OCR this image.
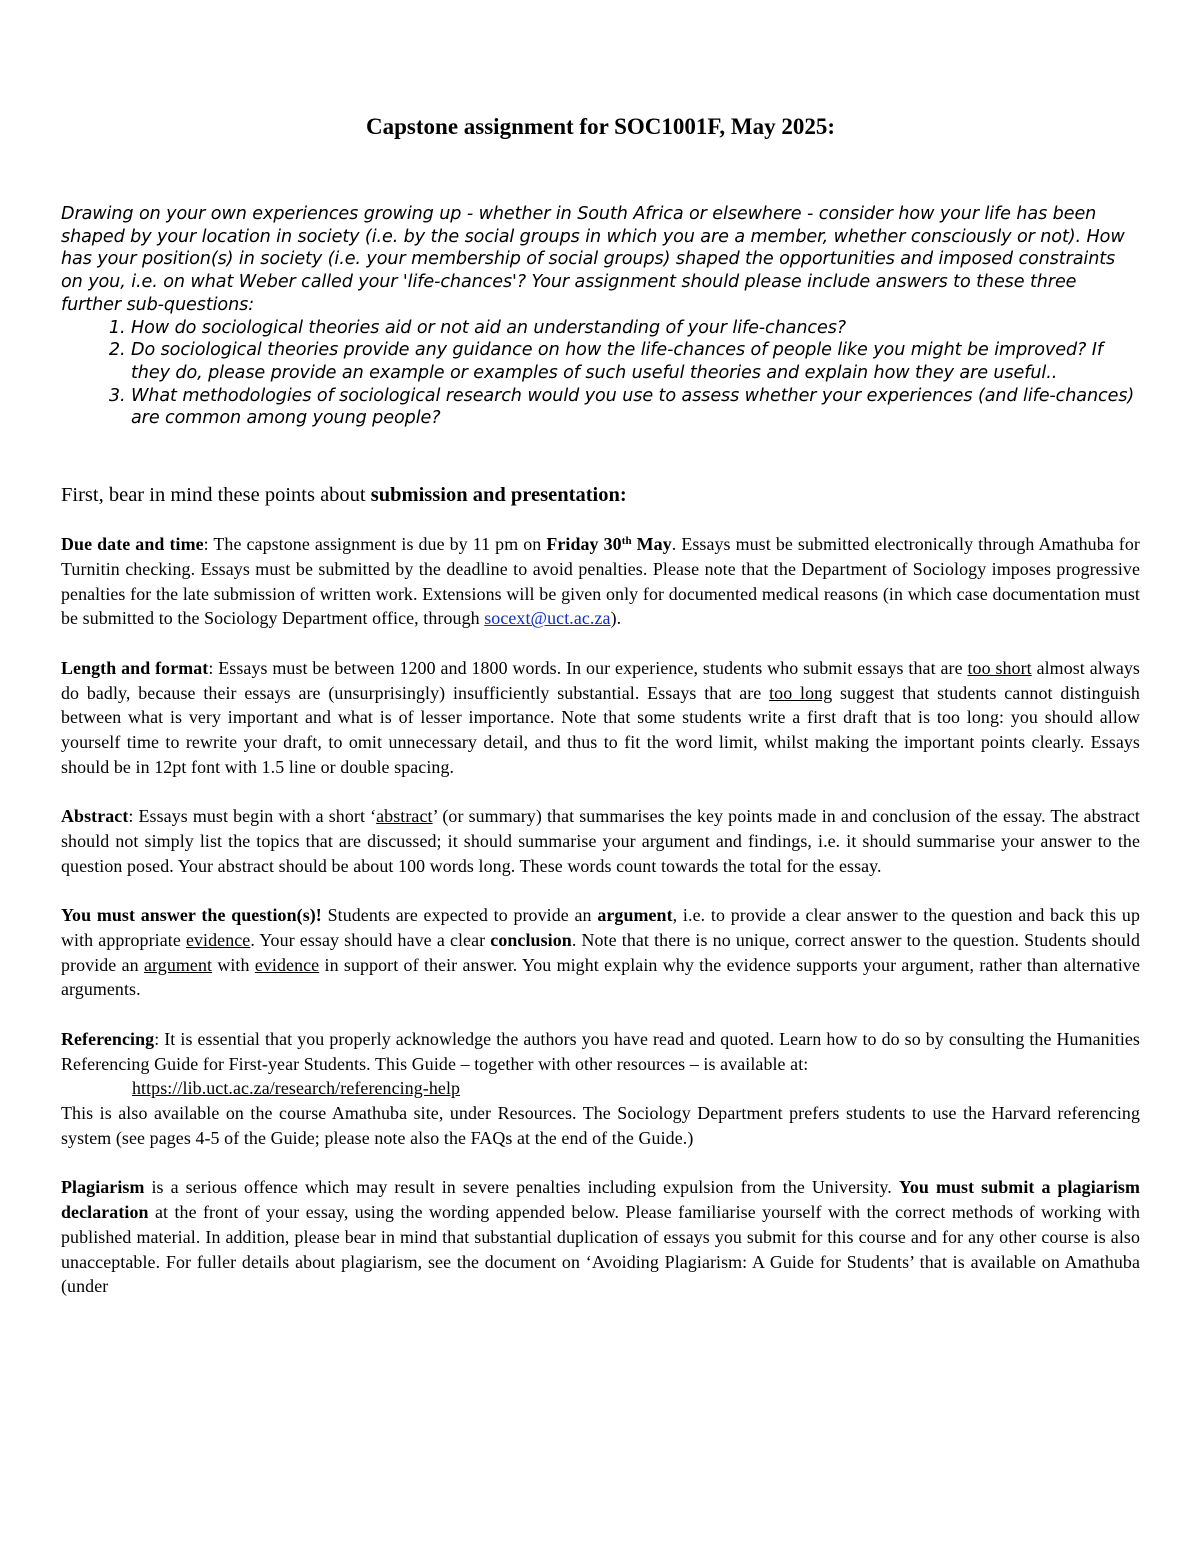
Capstone assignment for SOC1001F, May 2025:

Drawing on your own experiences growing up - whether in South Africa or elsewhere - consider how your life has been shaped by your location in society (i.e. by the social groups in which you are a member, whether consciously or not). How has your position(s) in society (i.e. your membership of social groups) shaped the opportunities and imposed constraints on you, i.e. on what Weber called your 'life-chances'? Your assignment should please include answers to these three further sub-questions:

1. How do sociological theories aid or not aid an understanding of your life-chances?
2. Do sociological theories provide any guidance on how the life-chances of people like you might be improved? If they do, please provide an example or examples of such useful theories and explain how they are useful..
3. What methodologies of sociological research would you use to assess whether your experiences (and life-chances) are common among young people?
First, bear in mind these points about submission and presentation:

Due date and time: The capstone assignment is due by 11 pm on Friday 30th May. Essays must be submitted electronically through Amathuba for Turnitin checking. Essays must be submitted by the deadline to avoid penalties. Please note that the Department of Sociology imposes progressive penalties for the late submission of written work. Extensions will be given only for documented medical reasons (in which case documentation must be submitted to the Sociology Department office, through socext@uct.ac.za).

Length and format: Essays must be between 1200 and 1800 words. In our experience, students who submit essays that are too short almost always do badly, because their essays are (unsurprisingly) insufficiently substantial. Essays that are too long suggest that students cannot distinguish between what is very important and what is of lesser importance. Note that some students write a first draft that is too long: you should allow yourself time to rewrite your draft, to omit unnecessary detail, and thus to fit the word limit, whilst making the important points clearly. Essays should be in 12pt font with 1.5 line or double spacing.

Abstract: Essays must begin with a short ‘abstract’ (or summary) that summarises the key points made in and conclusion of the essay. The abstract should not simply list the topics that are discussed; it should summarise your argument and findings, i.e. it should summarise your answer to the question posed. Your abstract should be about 100 words long. These words count towards the total for the essay.

You must answer the question(s)! Students are expected to provide an argument, i.e. to provide a clear answer to the question and back this up with appropriate evidence. Your essay should have a clear conclusion. Note that there is no unique, correct answer to the question. Students should provide an argument with evidence in support of their answer. You might explain why the evidence supports your argument, rather than alternative arguments.

Referencing: It is essential that you properly acknowledge the authors you have read and quoted. Learn how to do so by consulting the Humanities Referencing Guide for First-year Students. This Guide – together with other resources – is available at:

https://lib.uct.ac.za/research/referencing-help
This is also available on the course Amathuba site, under Resources. The Sociology Department prefers students to use the Harvard referencing system (see pages 4-5 of the Guide; please note also the FAQs at the end of the Guide.)

Plagiarism is a serious offence which may result in severe penalties including expulsion from the University. You must submit a plagiarism declaration at the front of your essay, using the wording appended below. Please familiarise yourself with the correct methods of working with published material. In addition, please bear in mind that substantial duplication of essays you submit for this course and for any other course is also unacceptable. For fuller details about plagiarism, see the document on ‘Avoiding Plagiarism: A Guide for Students’ that is available on Amathuba (under
